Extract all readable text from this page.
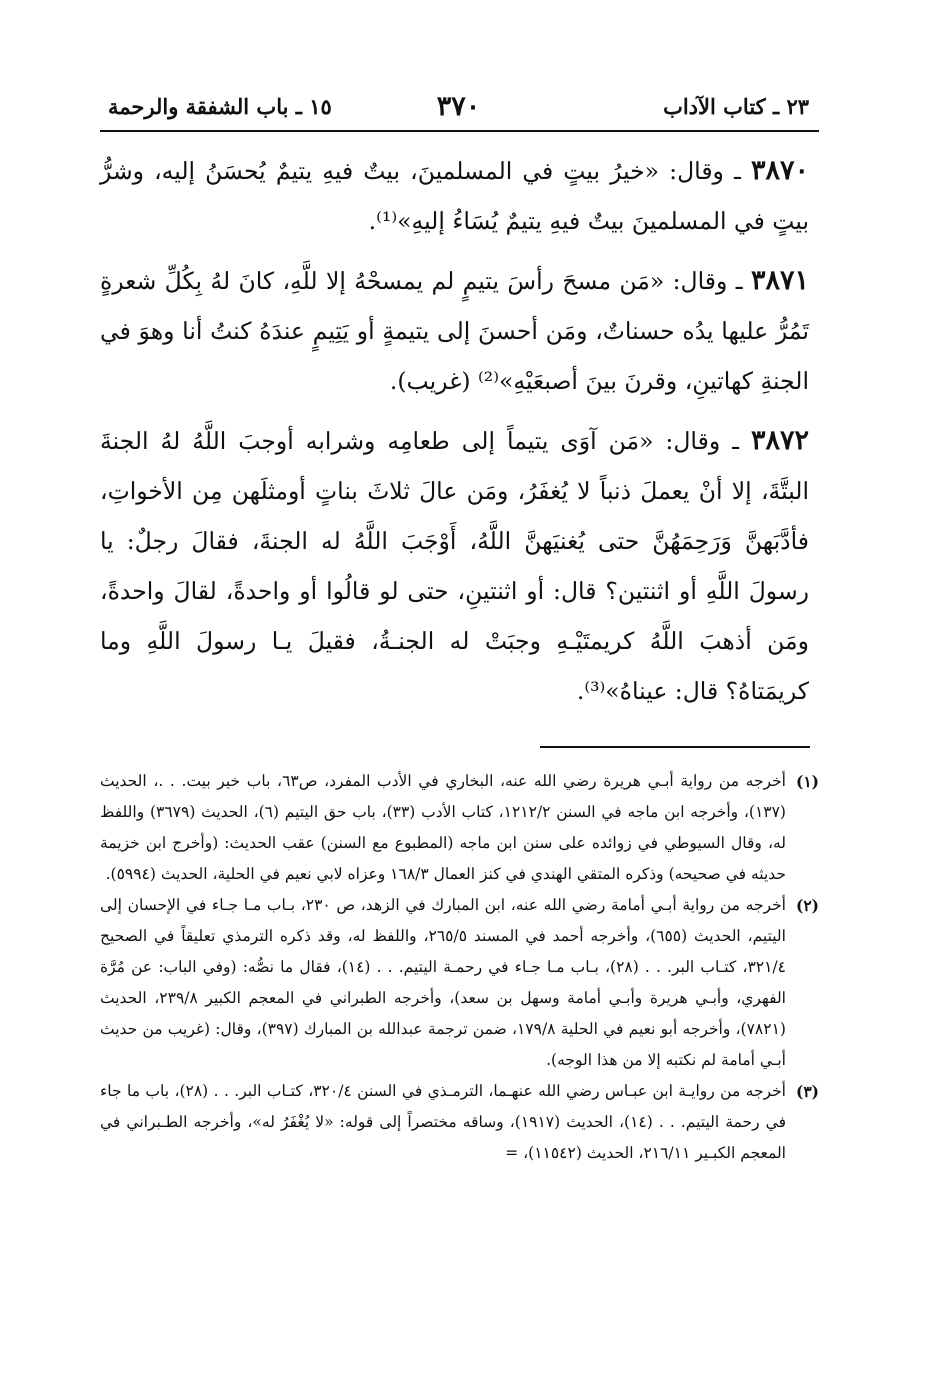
٢٣ ـ كتاب الآداب
٣٧٠
١٥ ـ باب الشفقة والرحمة

٣٨٧٠ ـ وقال: «خيرُ بيتٍ في المسلمينَ، بيتٌ فيهِ يتيمٌ يُحسَنُ إليه، وشرُّ بيتٍ في المسلمينَ بيتٌ فيهِ يتيمٌ يُسَاءُ إليهِ»⁽¹⁾.

٣٨٧١ ـ وقال: «مَن مسحَ رأسَ يتيمٍ لم يمسحْهُ إلا للَّهِ، كانَ لهُ بِكُلِّ شعرةٍ تَمُرُّ عليها يدُه حسناتٌ، ومَن أحسنَ إلى يتيمةٍ أو يَتِيمٍ عندَهُ كنتُ أنا وهوَ في الجنةِ كهاتينِ، وقرنَ بينَ أصبعَيْهِ»⁽²⁾ (غريب).

٣٨٧٢ ـ وقال: «مَن آوَى يتيماً إلى طعامِه وشرابه أوجبَ اللَّهُ لهُ الجنةَ البتَّةَ، إلا أنْ يعملَ ذنباً لا يُغفَرُ، ومَن عالَ ثلاثَ بناتٍ أومثلَهن مِن الأخواتِ، فأدَّبَهنَّ وَرَحِمَهُنَّ حتى يُغنيَهنَّ اللَّهُ، أَوْجَبَ اللَّهُ له الجنةَ، فقالَ رجلٌ: يا رسولَ اللَّهِ أو اثنتين؟ قال: أو اثنتينِ، حتى لو قالُوا أو واحدةً، لقالَ واحدةً، ومَن أذهبَ اللَّهُ كريمتَيْـهِ وجبَتْ له الجنـةُ، فقيلَ يـا رسولَ اللَّهِ وما كريمَتاهُ؟ قال: عيناهُ»⁽³⁾.

(١)
أخرجه من رواية أبـي هريرة رضي الله عنه، البخاري في الأدب المفرد، ص٦٣، باب خير بيت. . .، الحديث (١٣٧)، وأخرجه ابن ماجه في السنن ١٢١٢/٢، كتاب الأدب (٣٣)، باب حق اليتيم (٦)، الحديث (٣٦٧٩) واللفظ له، وقال السيوطي في زوائده على سنن ابن ماجه (المطبوع مع السنن) عقب الحديث: (وأخرج ابن خزيمة حديثه في صحيحه) وذكره المتقي الهندي في كنز العمال ١٦٨/٣ وعزاه لابي نعيم في الحلية، الحديث (٥٩٩٤).
(٢)
أخرجه من رواية أبـي أمامة رضي الله عنه، ابن المبارك في الزهد، ص ٢٣٠، بـاب مـا جـاء في الإحسان إلى اليتيم، الحديث (٦٥٥)، وأخرجه أحمد في المسند ٢٦٥/٥، واللفظ له، وقد ذكره الترمذي تعليقاً في الصحيح ٣٢١/٤، كتـاب البر. . . (٢٨)، بـاب مـا جـاء في رحمـة اليتيم. . . (١٤)، فقال ما نصُّه: (وفي الباب: عن مُرَّة الفهري، وأبـي هريرة وأبـي أمامة وسهل بن سعد)، وأخرجه الطبراني في المعجم الكبير ٢٣٩/٨، الحديث (٧٨٢١)، وأخرجه أبو نعيم في الحلية ١٧٩/٨، ضمن ترجمة عبدالله بن المبارك (٣٩٧)، وقال: (غريب من حديث أبـي أمامة لم نكتبه إلا من هذا الوجه).
(٣)
أخرجه من روايـة ابن عبـاس رضي الله عنهـما، الترمـذي في السنن ٣٢٠/٤، كتـاب البر. . . (٢٨)، باب ما جاء في رحمة اليتيم. . . (١٤)، الحديث (١٩١٧)، وساقه مختصراً إلى قوله: «لا يُغْفَرُ له»، وأخرجه الطـبراني في المعجم الكبـير ٢١٦/١١، الحديث (١١٥٤٢)، =
